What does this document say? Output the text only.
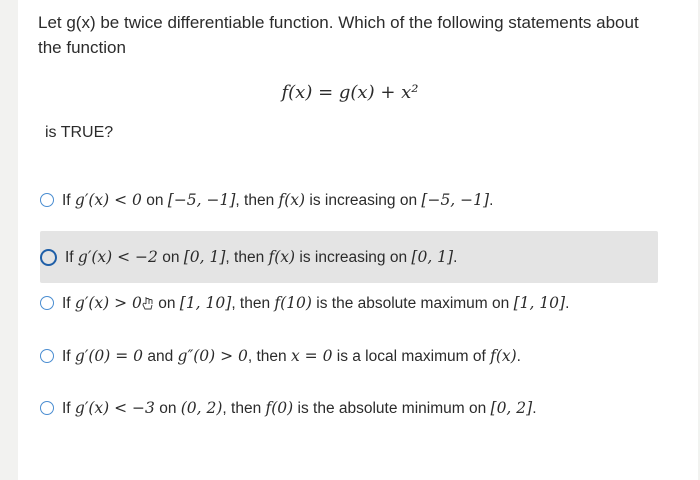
Let g(x) be twice differentiable function. Which of the following statements about the function
f(x) = g(x) + x²
is TRUE?
If g′(x) < 0 on [−5, −1], then f(x) is increasing on [−5, −1].
If g′(x) < −2 on [0, 1], then f(x) is increasing on [0, 1].
If g′(x) > 0 on [1, 10], then f(10) is the absolute maximum on [1, 10].
If g′(0) = 0 and g″(0) > 0, then x = 0 is a local maximum of f(x).
If g′(x) < −3 on (0, 2), then f(0) is the absolute minimum on [0, 2].
